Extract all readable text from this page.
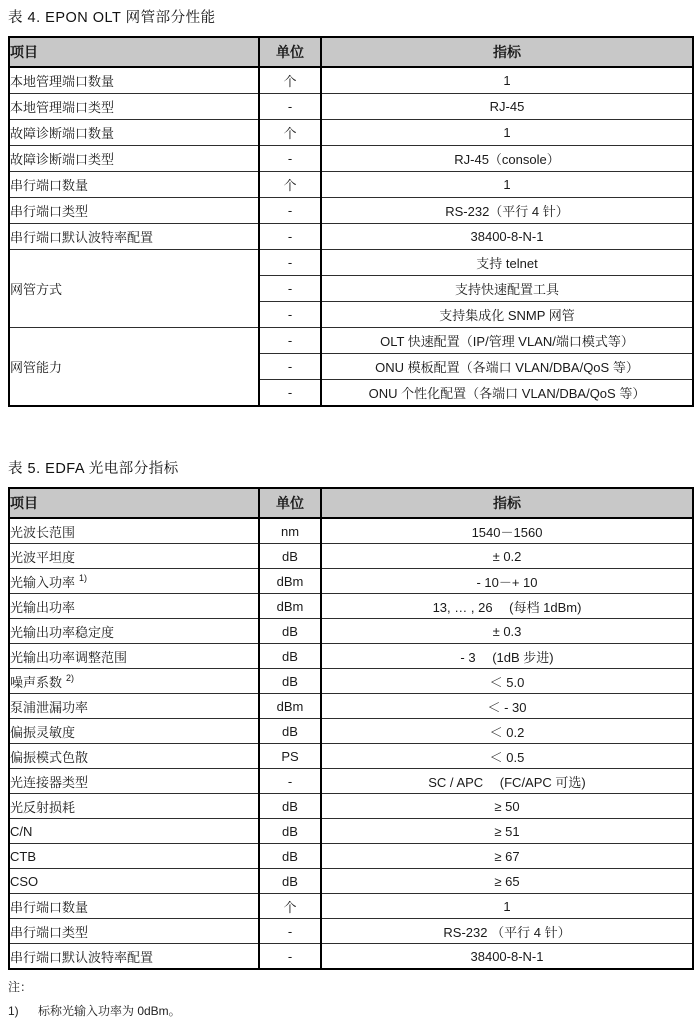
表 4. EPON OLT 网管部分性能

项目	单位	指标
本地管理端口数量	个	1
本地管理端口类型	-	RJ-45
故障诊断端口数量	个	1
故障诊断端口类型	-	RJ-45（console）
串行端口数量	个	1
串行端口类型	-	RS-232（平行 4 针）
串行端口默认波特率配置	-	38400-8-N-1
网管方式	-	支持 telnet
	-	支持快速配置工具
	-	支持集成化 SNMP 网管
网管能力	-	OLT 快速配置（IP/管理 VLAN/端口模式等）
	-	ONU 模板配置（各端口 VLAN/DBA/QoS 等）
	-	ONU 个性化配置（各端口 VLAN/DBA/QoS 等）

表 5. EDFA 光电部分指标

项目	单位	指标
光波长范围	nm	1540－1560
光波平坦度	dB	± 0.2
光输入功率 $^{1)}$	dBm	- 10－+ 10
光输出功率	dBm	13, … , 26 　(每档 1dBm)
光输出功率稳定度	dB	± 0.3
光输出功率调整范围	dB	- 3 　(1dB 步进)
噪声系数 $^{2)}$	dB	＜ 5.0
泵浦泄漏功率	dBm	＜ - 30
偏振灵敏度	dB	＜ 0.2
偏振模式色散	PS	＜ 0.5
光连接器类型	-	SC / APC 　(FC/APC 可选)
光反射损耗	dB	≥ 50
C/N	dB	≥ 51
CTB	dB	≥ 67
CSO	dB	≥ 65
串行端口数量	个	1
串行端口类型	-	RS-232 （平行 4 针）
串行端口默认波特率配置	-	38400-8-N-1

注：

1) 标称光输入功率为 0dBm。
